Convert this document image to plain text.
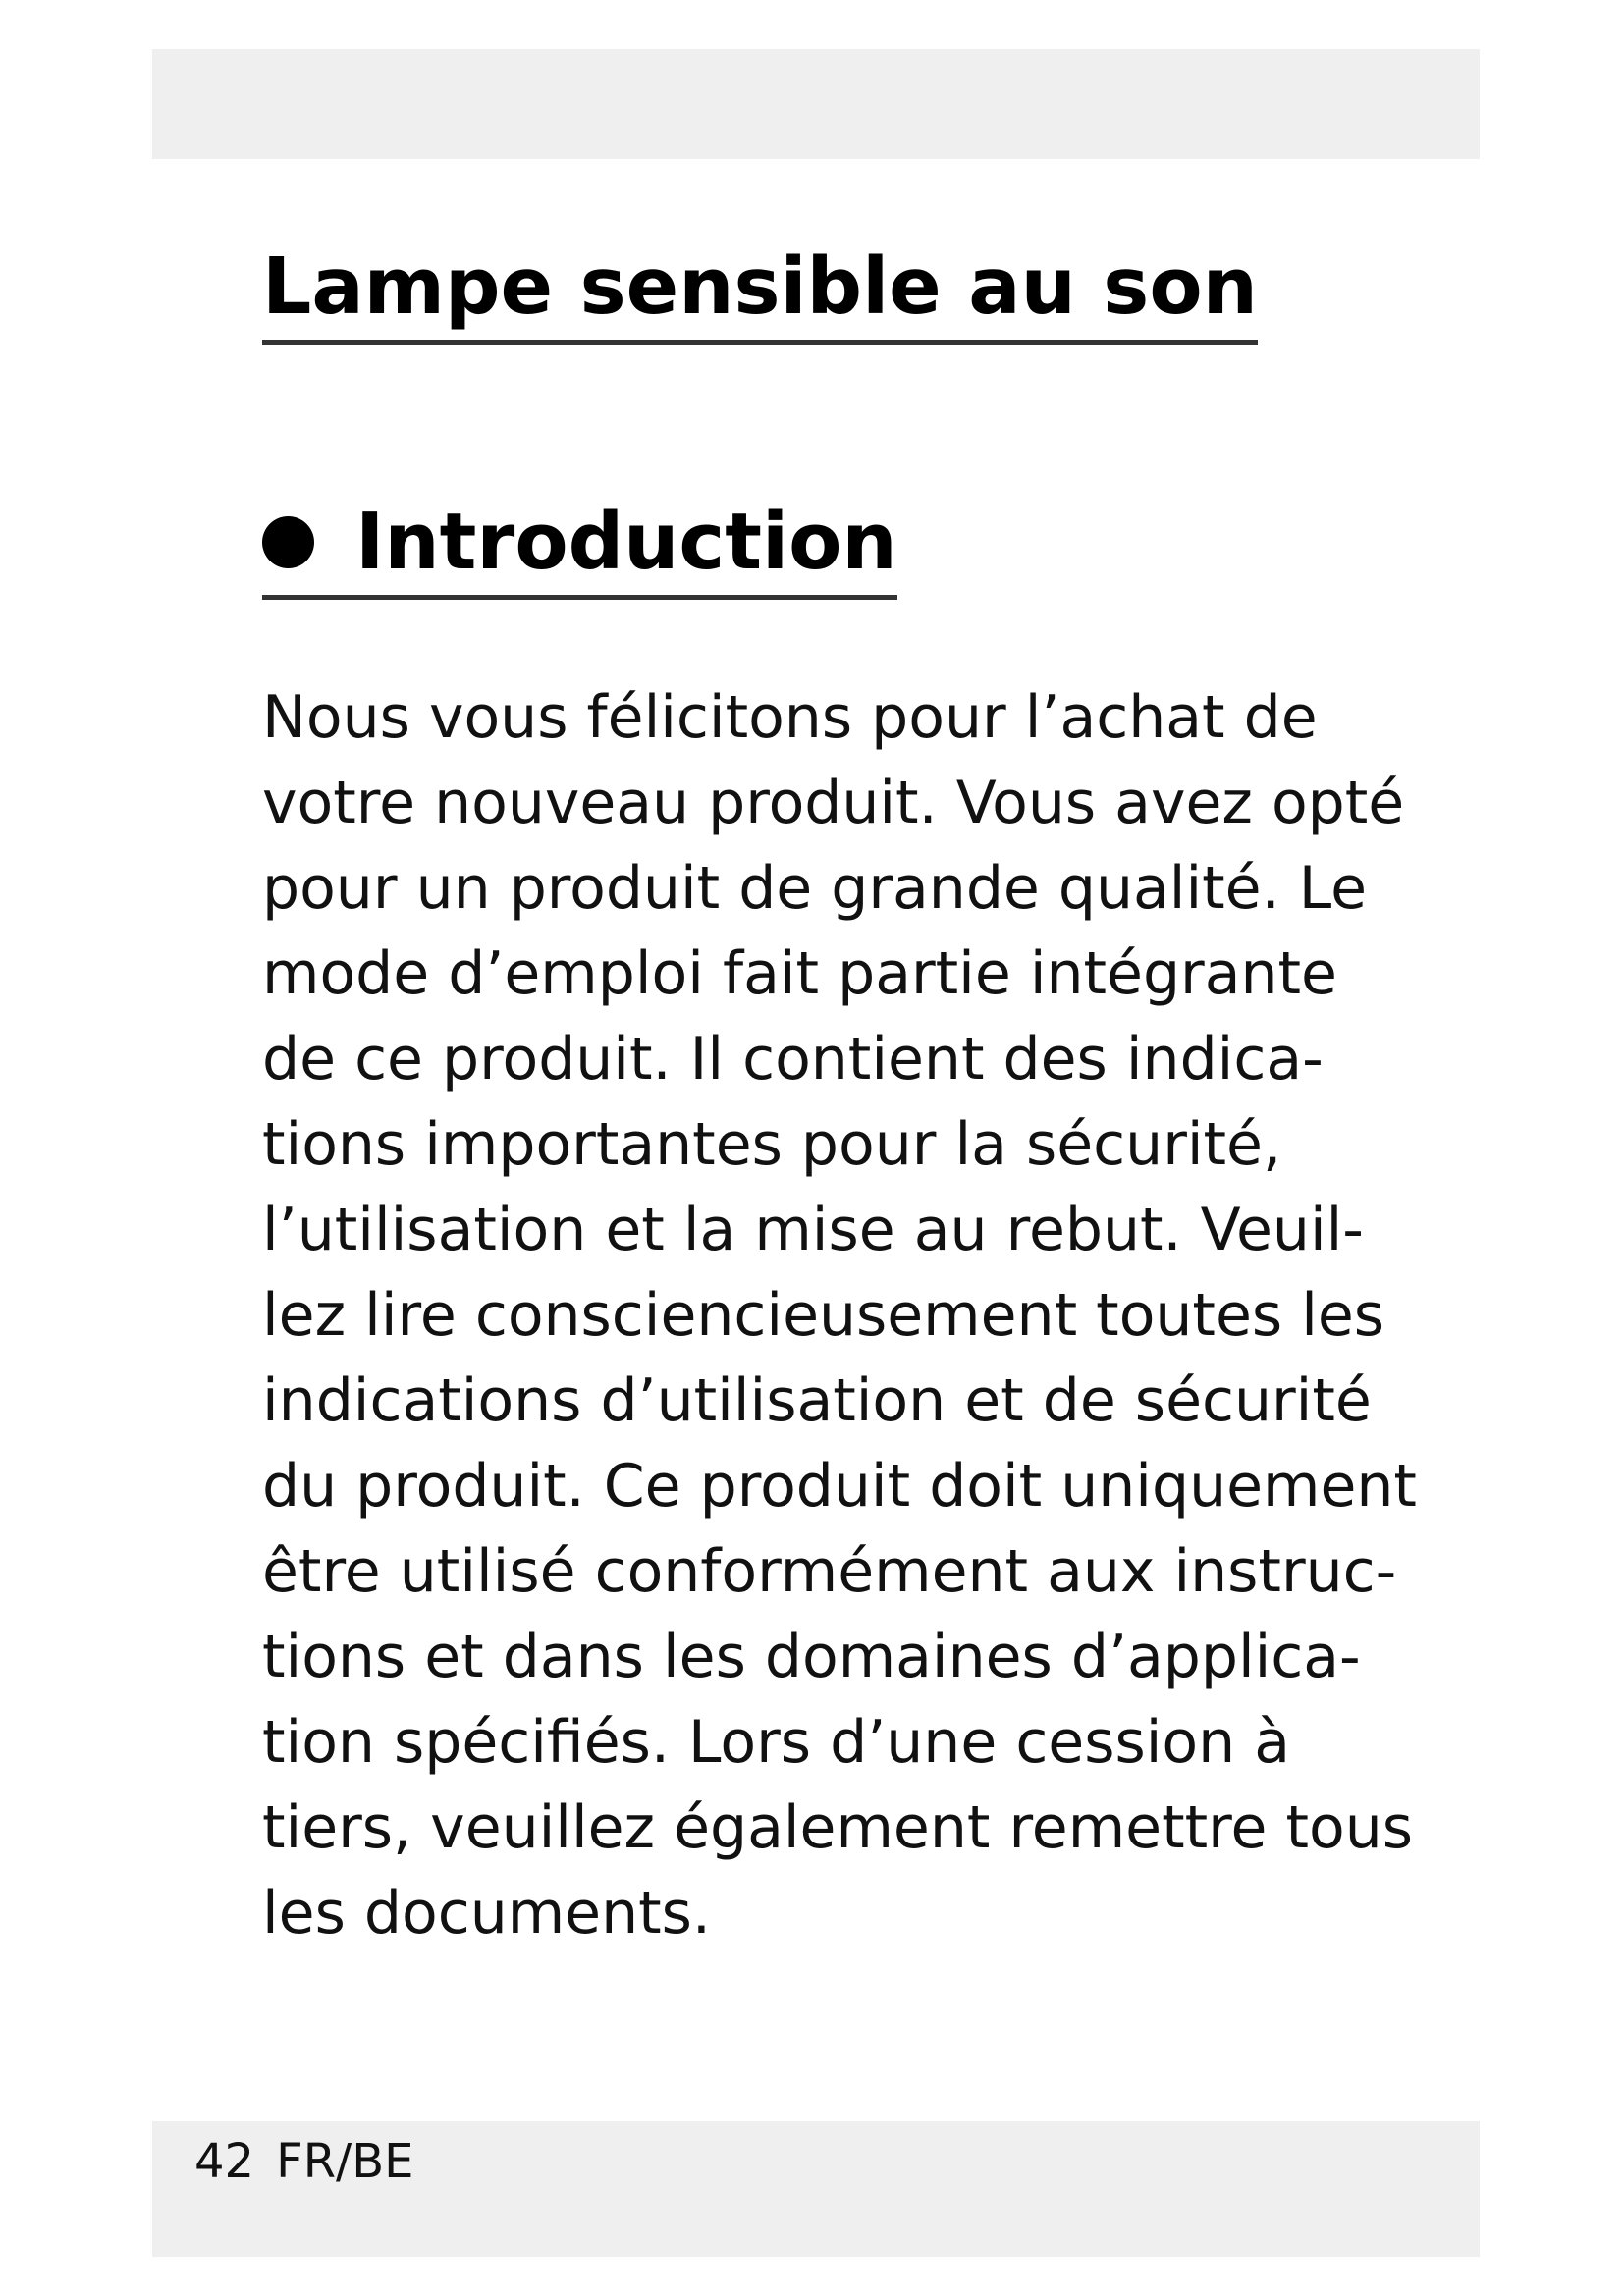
Lampe sensible au son
Introduction

Nous vous félicitons pour l’achat de
votre nouveau produit. Vous avez opté
pour un produit de grande qualité. Le
mode d’emploi fait partie intégrante
de ce produit. Il contient des indica-
tions importantes pour la sécurité,
l’utilisation et la mise au rebut. Veuil-
lez lire consciencieusement toutes les
indications d’utilisation et de sécurité
du produit. Ce produit doit uniquement
être utilisé conformément aux instruc-
tions et dans les domaines d’applica-
tion spécifiés. Lors d’une cession à
tiers, veuillez également remettre tous
les documents.

42 FR/BE
